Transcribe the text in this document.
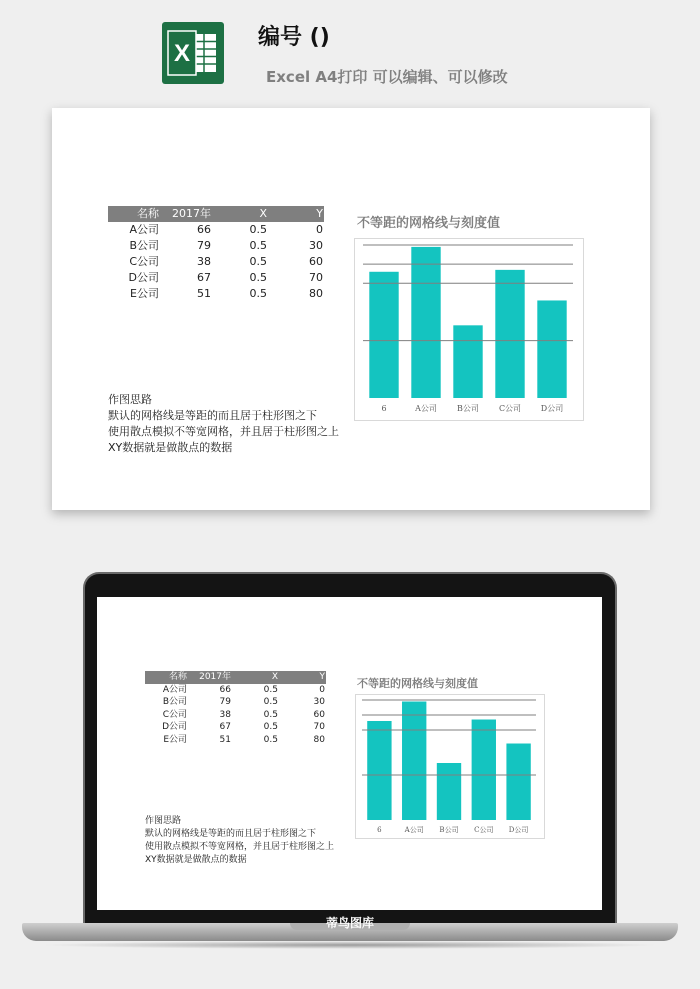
X
编号 ()
Excel A4打印 可以编辑、可以修改
名称	2017年	X	Y
A公司	66	0.5	0
B公司	79	0.5	30
C公司	38	0.5	60
D公司	67	0.5	70
E公司	51	0.5	80
不等距的网格线与刻度值
6	A公司	B公司 C公司 D公司
作图思路
默认的网格线是等距的而且居于柱形图之下
使用散点模拟不等宽网格，并且居于柱形图之上
XY数据就是做散点的数据
名称	2017年	X	Y
A公司	66	0.5	0
B公司	79	0.5	30
C公司	38	0.5	60
D公司	67	0.5	70
E公司	51	0.5	80
不等距的网格线与刻度值
6	A公司 B公司 C公司 D公司
作图思路
默认的网格线是等距的而且居于柱形图之下
使用散点模拟不等宽网格，并且居于柱形图之上
XY数据就是做散点的数据
蒂鸟图库
